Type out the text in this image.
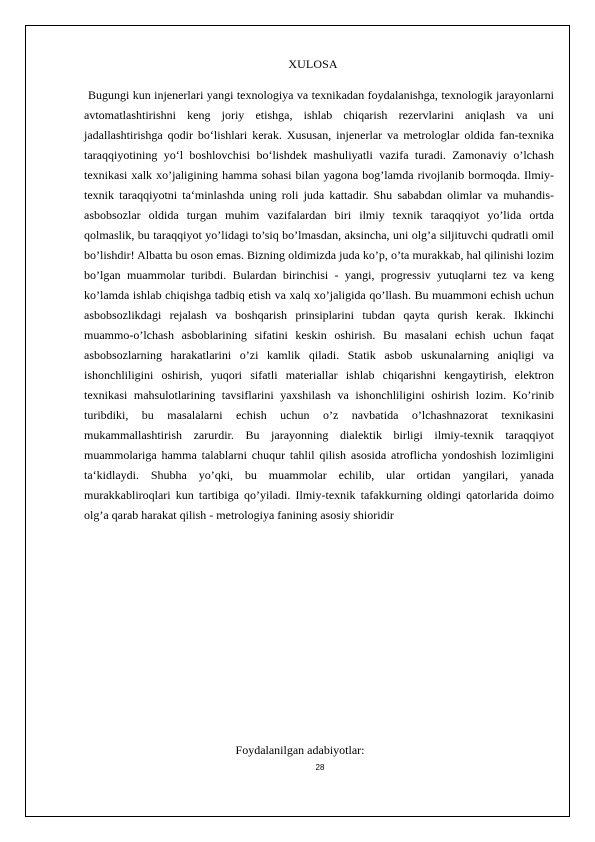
XULOSA

Bugungi kun injenerlari yangi texnologiya va texnikadan foydalanishga, texnologik jarayonlarni avtomatlashtirishni keng joriy etishga, ishlab chiqarish rezervlarini aniqlash va uni jadallashtirishga qodir bo‘lishlari kerak. Xususan, injenerlar va metrologlar oldida fan-texnika taraqqiyotining yo‘l boshlovchisi bo‘lishdek mashuliyatli vazifa turadi. Zamonaviy o’lchash texnikasi xalk xo’jaligining hamma sohasi bilan yagona bog’lamda rivojlanib bormoqda. Ilmiy-texnik taraqqiyotni ta‘minlashda uning roli juda kattadir. Shu sababdan olimlar va muhandis-asbobsozlar oldida turgan muhim vazifalardan biri ilmiy texnik taraqqiyot yo’lida ortda qolmaslik, bu taraqqiyot yo’lidagi to’siq bo’lmasdan, aksincha, uni olg’a siljituvchi qudratli omil bo’lishdir! Albatta bu oson emas. Bizning oldimizda juda ko’p, o’ta murakkab, hal qilinishi lozim bo’lgan muammolar turibdi. Bulardan birinchisi - yangi, progressiv yutuqlarni tez va keng ko’lamda ishlab chiqishga tadbiq etish va xalq xo’jaligida qo’llash. Bu muammoni echish uchun asbobsozlikdagi rejalash va boshqarish prinsiplarini tubdan qayta qurish kerak. Ikkinchi muammo-o’lchash asboblarining sifatini keskin oshirish. Bu masalani echish uchun faqat asbobsozlarning harakatlarini o’zi kamlik qiladi. Statik asbob uskunalarning aniqligi va ishonchliligini oshirish, yuqori sifatli materiallar ishlab chiqarishni kengaytirish, elektron texnikasi mahsulotlarining tavsiflarini yaxshilash va ishonchliligini oshirish lozim. Ko’rinib turibdiki, bu masalalarni echish uchun o’z navbatida o’lchashnazorat texnikasini mukammallashtirish zarurdir. Bu jarayonning dialektik birligi ilmiy-texnik taraqqiyot muammolariga hamma talablarni chuqur tahlil qilish asosida atroflicha yondoshish lozimligini ta‘kidlaydi. Shubha yo’qki, bu muammolar echilib, ular ortidan yangilari, yanada murakkabliroqlari kun tartibiga qo’yiladi. Ilmiy-texnik tafakkurning oldingi qatorlarida doimo olg’a qarab harakat qilish - metrologiya fanining asosiy shioridir

Foydalanilgan adabiyotlar:
28
